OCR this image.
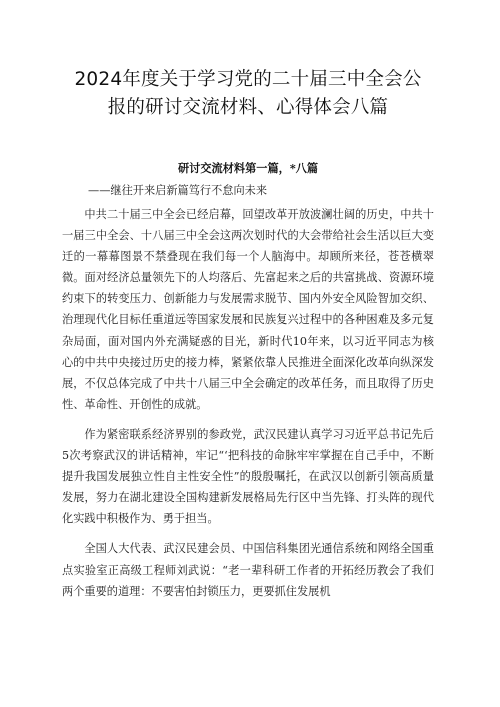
2024年度关于学习党的二十届三中全会公
报的研讨交流材料、心得体会八篇
研讨交流材料第一篇，*八篇
——继往开来启新篇笃行不怠向未来

中共二十届三中全会已经启幕，回望改革开放波澜壮阔的历史，中共十一届三中全会、十八届三中全会这两次划时代的大会带给社会生活以巨大变迁的一幕幕图景不禁叠现在我们每一个人脑海中。却顾所来径，苍苍横翠微。面对经济总量领先下的人均落后、先富起来之后的共富挑战、资源环境约束下的转变压力、创新能力与发展需求脱节、国内外安全风险智加交织、治理现代化目标任重道远等国家发展和民族复兴过程中的各种困难及多元复杂局面，面对国内外充满疑惑的目光，新时代10年来，以习近平同志为核心的中共中央接过历史的接力棒，紧紧依靠人民推进全面深化改革向纵深发展，不仅总体完成了中共十八届三中全会确定的改革任务，而且取得了历史性、革命性、开创性的成就。

作为紧密联系经济界别的参政党，武汉民建认真学习习近平总书记先后5次考察武汉的讲话精神，牢记“‘把科技的命脉牢牢掌握在自己手中，不断提升我国发展独立性自主性安全性”的殷殷嘱托，在武汉以创新引领高质量发展，努力在湖北建设全国构建新发展格局先行区中当先锋、打头阵的现代化实践中积极作为、勇于担当。

全国人大代表、武汉民建会员、中国信科集团光通信系统和网络全国重点实验室正高级工程师刘武说：“老一辈科研工作者的开拓经历教会了我们两个重要的道理：不要害怕封锁压力，更要抓住发展机
